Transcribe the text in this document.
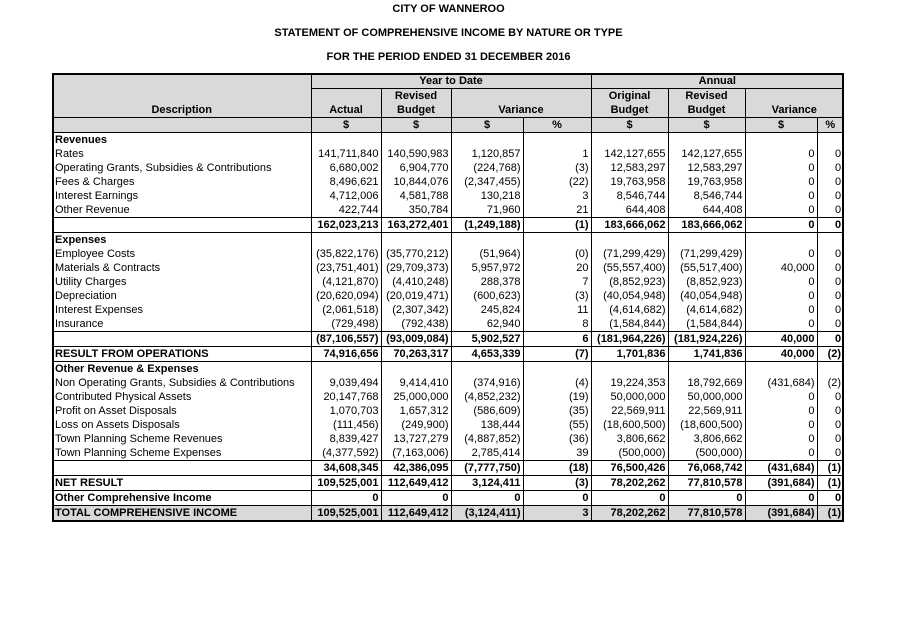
CITY OF WANNEROO
STATEMENT OF COMPREHENSIVE INCOME BY NATURE OR TYPE
FOR THE PERIOD ENDED 31 DECEMBER 2016
	Year to Date				Annual			
		Revised			Original	Revised		
Description	Actual	Budget	Variance		Budget	Budget	Variance	
	$	$	$	%	$	$	$	%
Revenues								
Rates	141,711,840	140,590,983	1,120,857	1	142,127,655	142,127,655	0	0
Operating Grants, Subsidies & Contributions	6,680,002	6,904,770	(224,768)	(3)	12,583,297	12,583,297	0	0
Fees & Charges	8,496,621	10,844,076	(2,347,455)	(22)	19,763,958	19,763,958	0	0
Interest Earnings	4,712,006	4,581,788	130,218	3	8,546,744	8,546,744	0	0
Other Revenue	422,744	350,784	71,960	21	644,408	644,408	0	0
	162,023,213	163,272,401	(1,249,188)	(1)	183,666,062	183,666,062	0	0
Expenses								
Employee Costs	(35,822,176)	(35,770,212)	(51,964)	(0)	(71,299,429)	(71,299,429)	0	0
Materials & Contracts	(23,751,401)	(29,709,373)	5,957,972	20	(55,557,400)	(55,517,400)	40,000	0
Utility Charges	(4,121,870)	(4,410,248)	288,378	7	(8,852,923)	(8,852,923)	0	0
Depreciation	(20,620,094)	(20,019,471)	(600,623)	(3)	(40,054,948)	(40,054,948)	0	0
Interest Expenses	(2,061,518)	(2,307,342)	245,824	11	(4,614,682)	(4,614,682)	0	0
Insurance	(729,498)	(792,438)	62,940	8	(1,584,844)	(1,584,844)	0	0
	(87,106,557)	(93,009,084)	5,902,527	6	(181,964,226)	(181,924,226)	40,000	0
RESULT FROM OPERATIONS	74,916,656	70,263,317	4,653,339	(7)	1,701,836	1,741,836	40,000	(2)
Other Revenue & Expenses								
Non Operating Grants, Subsidies & Contributions	9,039,494	9,414,410	(374,916)	(4)	19,224,353	18,792,669	(431,684)	(2)
Contributed Physical Assets	20,147,768	25,000,000	(4,852,232)	(19)	50,000,000	50,000,000	0	0
Profit on Asset Disposals	1,070,703	1,657,312	(586,609)	(35)	22,569,911	22,569,911	0	0
Loss on Assets Disposals	(111,456)	(249,900)	138,444	(55)	(18,600,500)	(18,600,500)	0	0
Town Planning Scheme Revenues	8,839,427	13,727,279	(4,887,852)	(36)	3,806,662	3,806,662	0	0
Town Planning Scheme Expenses	(4,377,592)	(7,163,006)	2,785,414	39	(500,000)	(500,000)	0	0
	34,608,345	42,386,095	(7,777,750)	(18)	76,500,426	76,068,742	(431,684)	(1)
NET RESULT	109,525,001	112,649,412	3,124,411	(3)	78,202,262	77,810,578	(391,684)	(1)
Other Comprehensive Income	0	0	0	0	0	0	0	0
TOTAL COMPREHENSIVE INCOME	109,525,001	112,649,412	(3,124,411)	3	78,202,262	77,810,578	(391,684)	(1)
